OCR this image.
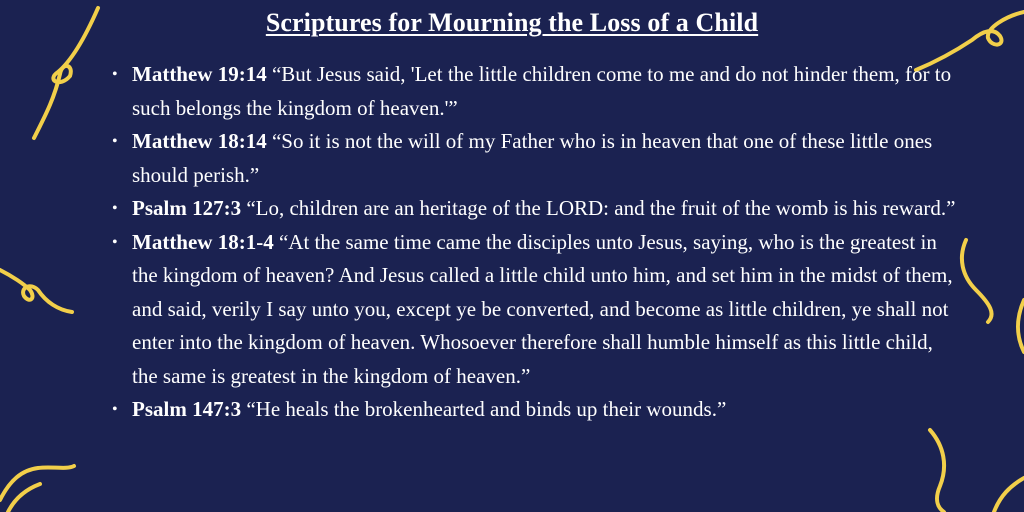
Scriptures for Mourning the Loss of a Child
• Matthew 19:14 “But Jesus said, 'Let the little children come to me and do not hinder them, for to such belongs the kingdom of heaven.'”
• Matthew 18:14 “So it is not the will of my Father who is in heaven that one of these little ones should perish.”
• Psalm 127:3 “Lo, children are an heritage of the LORD: and the fruit of the womb is his reward.”
• Matthew 18:1-4 “At the same time came the disciples unto Jesus, saying, who is the greatest in the kingdom of heaven? And Jesus called a little child unto him, and set him in the midst of them, and said, verily I say unto you, except ye be converted, and become as little children, ye shall not enter into the kingdom of heaven. Whosoever therefore shall humble himself as this little child, the same is greatest in the kingdom of heaven.”
• Psalm 147:3 “He heals the brokenhearted and binds up their wounds.”
